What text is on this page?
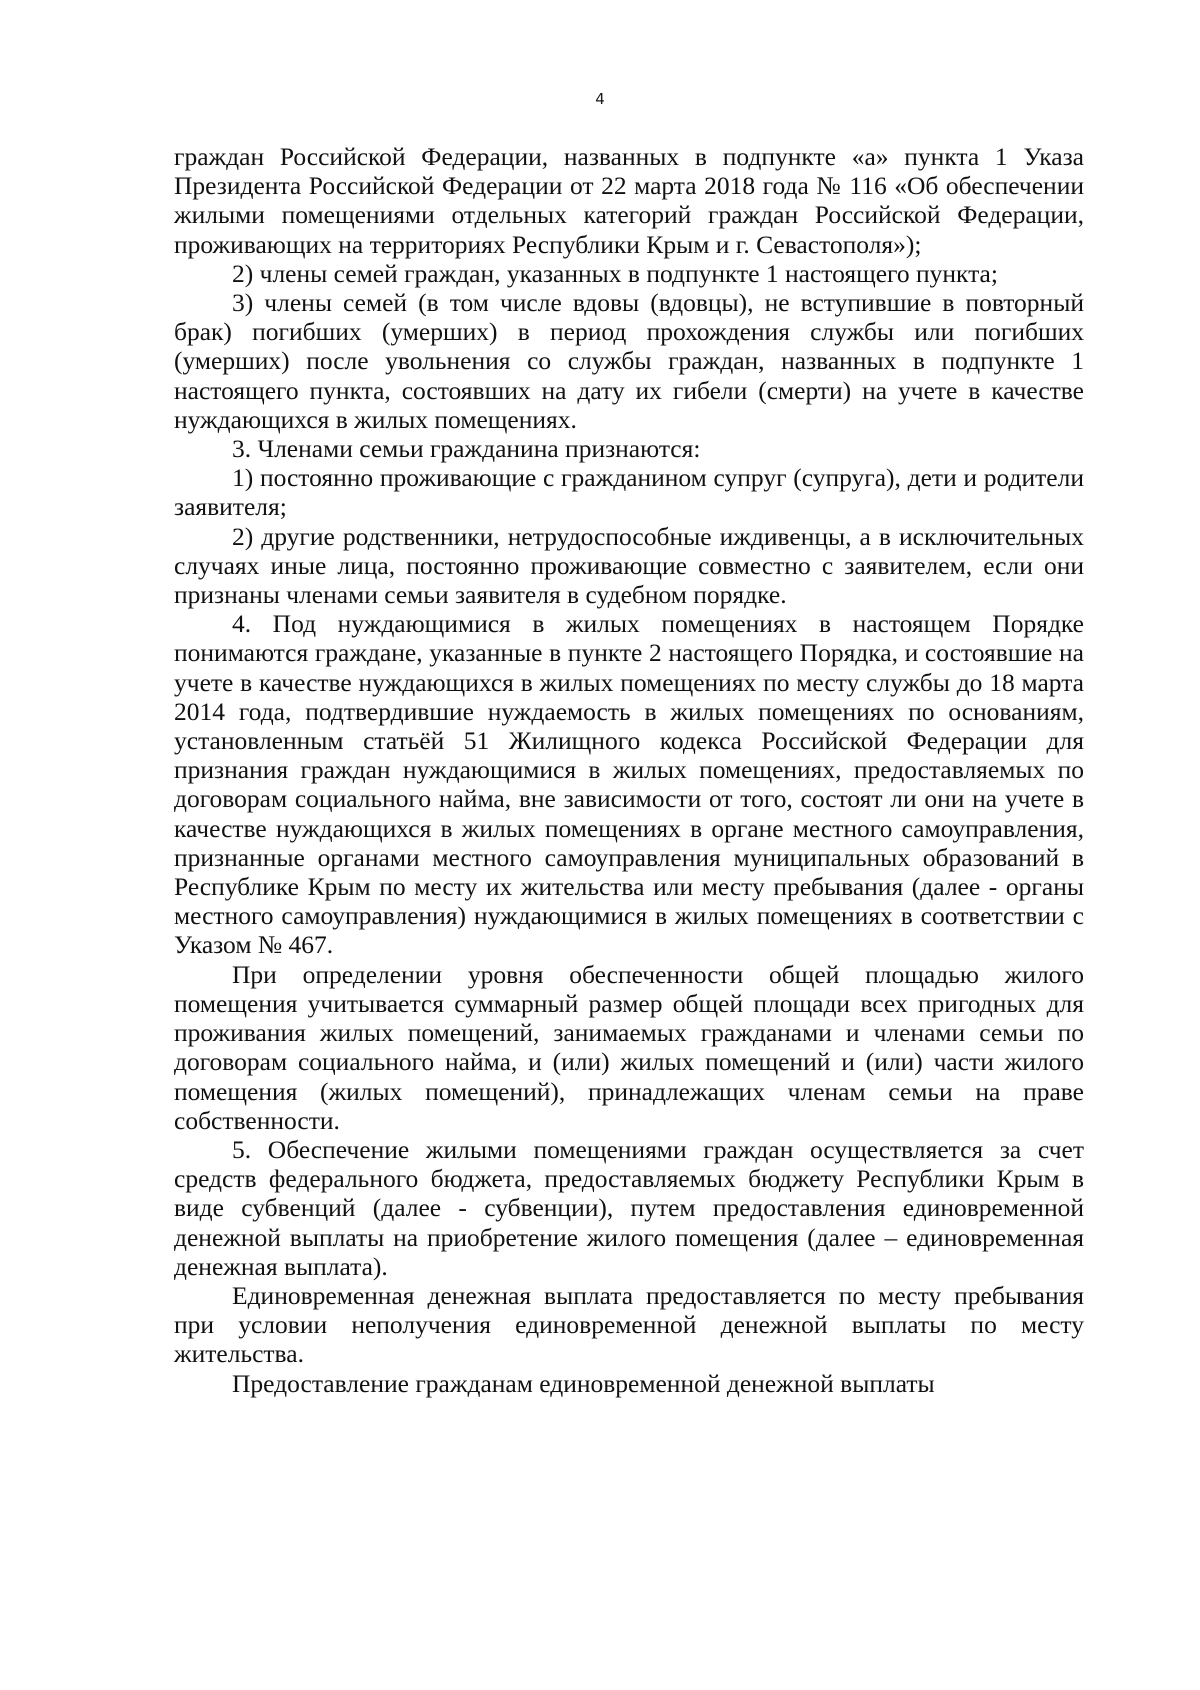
4

граждан Российской Федерации, названных в подпункте «а» пункта 1 Указа Президента Российской Федерации от 22 марта 2018 года № 116 «Об обеспечении жилыми помещениями отдельных категорий граждан Российской Федерации, проживающих на территориях Республики Крым и г. Севастополя»);

2) члены семей граждан, указанных в подпункте 1 настоящего пункта;

3) члены семей (в том числе вдовы (вдовцы), не вступившие в повторный брак) погибших (умерших) в период прохождения службы или погибших (умерших) после увольнения со службы граждан, названных в подпункте 1 настоящего пункта, состоявших на дату их гибели (смерти) на учете в качестве нуждающихся в жилых помещениях.

3. Членами семьи гражданина признаются:

1) постоянно проживающие с гражданином супруг (супруга), дети и родители заявителя;

2) другие родственники, нетрудоспособные иждивенцы, а в исключительных случаях иные лица, постоянно проживающие совместно с заявителем, если они признаны членами семьи заявителя в судебном порядке.

4. Под нуждающимися в жилых помещениях в настоящем Порядке понимаются граждане, указанные в пункте 2 настоящего Порядка, и состоявшие на учете в качестве нуждающихся в жилых помещениях по месту службы до 18 марта 2014 года, подтвердившие нуждаемость в жилых помещениях по основаниям, установленным статьёй 51 Жилищного кодекса Российской Федерации для признания граждан нуждающимися в жилых помещениях, предоставляемых по договорам социального найма, вне зависимости от того, состоят ли они на учете в качестве нуждающихся в жилых помещениях в органе местного самоуправления, признанные органами местного самоуправления муниципальных образований в Республике Крым по месту их жительства или месту пребывания (далее - органы местного самоуправления) нуждающимися в жилых помещениях в соответствии с Указом № 467.

При определении уровня обеспеченности общей площадью жилого помещения учитывается суммарный размер общей площади всех пригодных для проживания жилых помещений, занимаемых гражданами и членами семьи по договорам социального найма, и (или) жилых помещений и (или) части жилого помещения (жилых помещений), принадлежащих членам семьи на праве собственности.

5. Обеспечение жилыми помещениями граждан осуществляется за счет средств федерального бюджета, предоставляемых бюджету Республики Крым в виде субвенций (далее - субвенции), путем предоставления единовременной денежной выплаты на приобретение жилого помещения (далее – единовременная денежная выплата).

Единовременная денежная выплата предоставляется по месту пребывания при условии неполучения единовременной денежной выплаты по месту жительства.

Предоставление гражданам единовременной денежной выплаты
